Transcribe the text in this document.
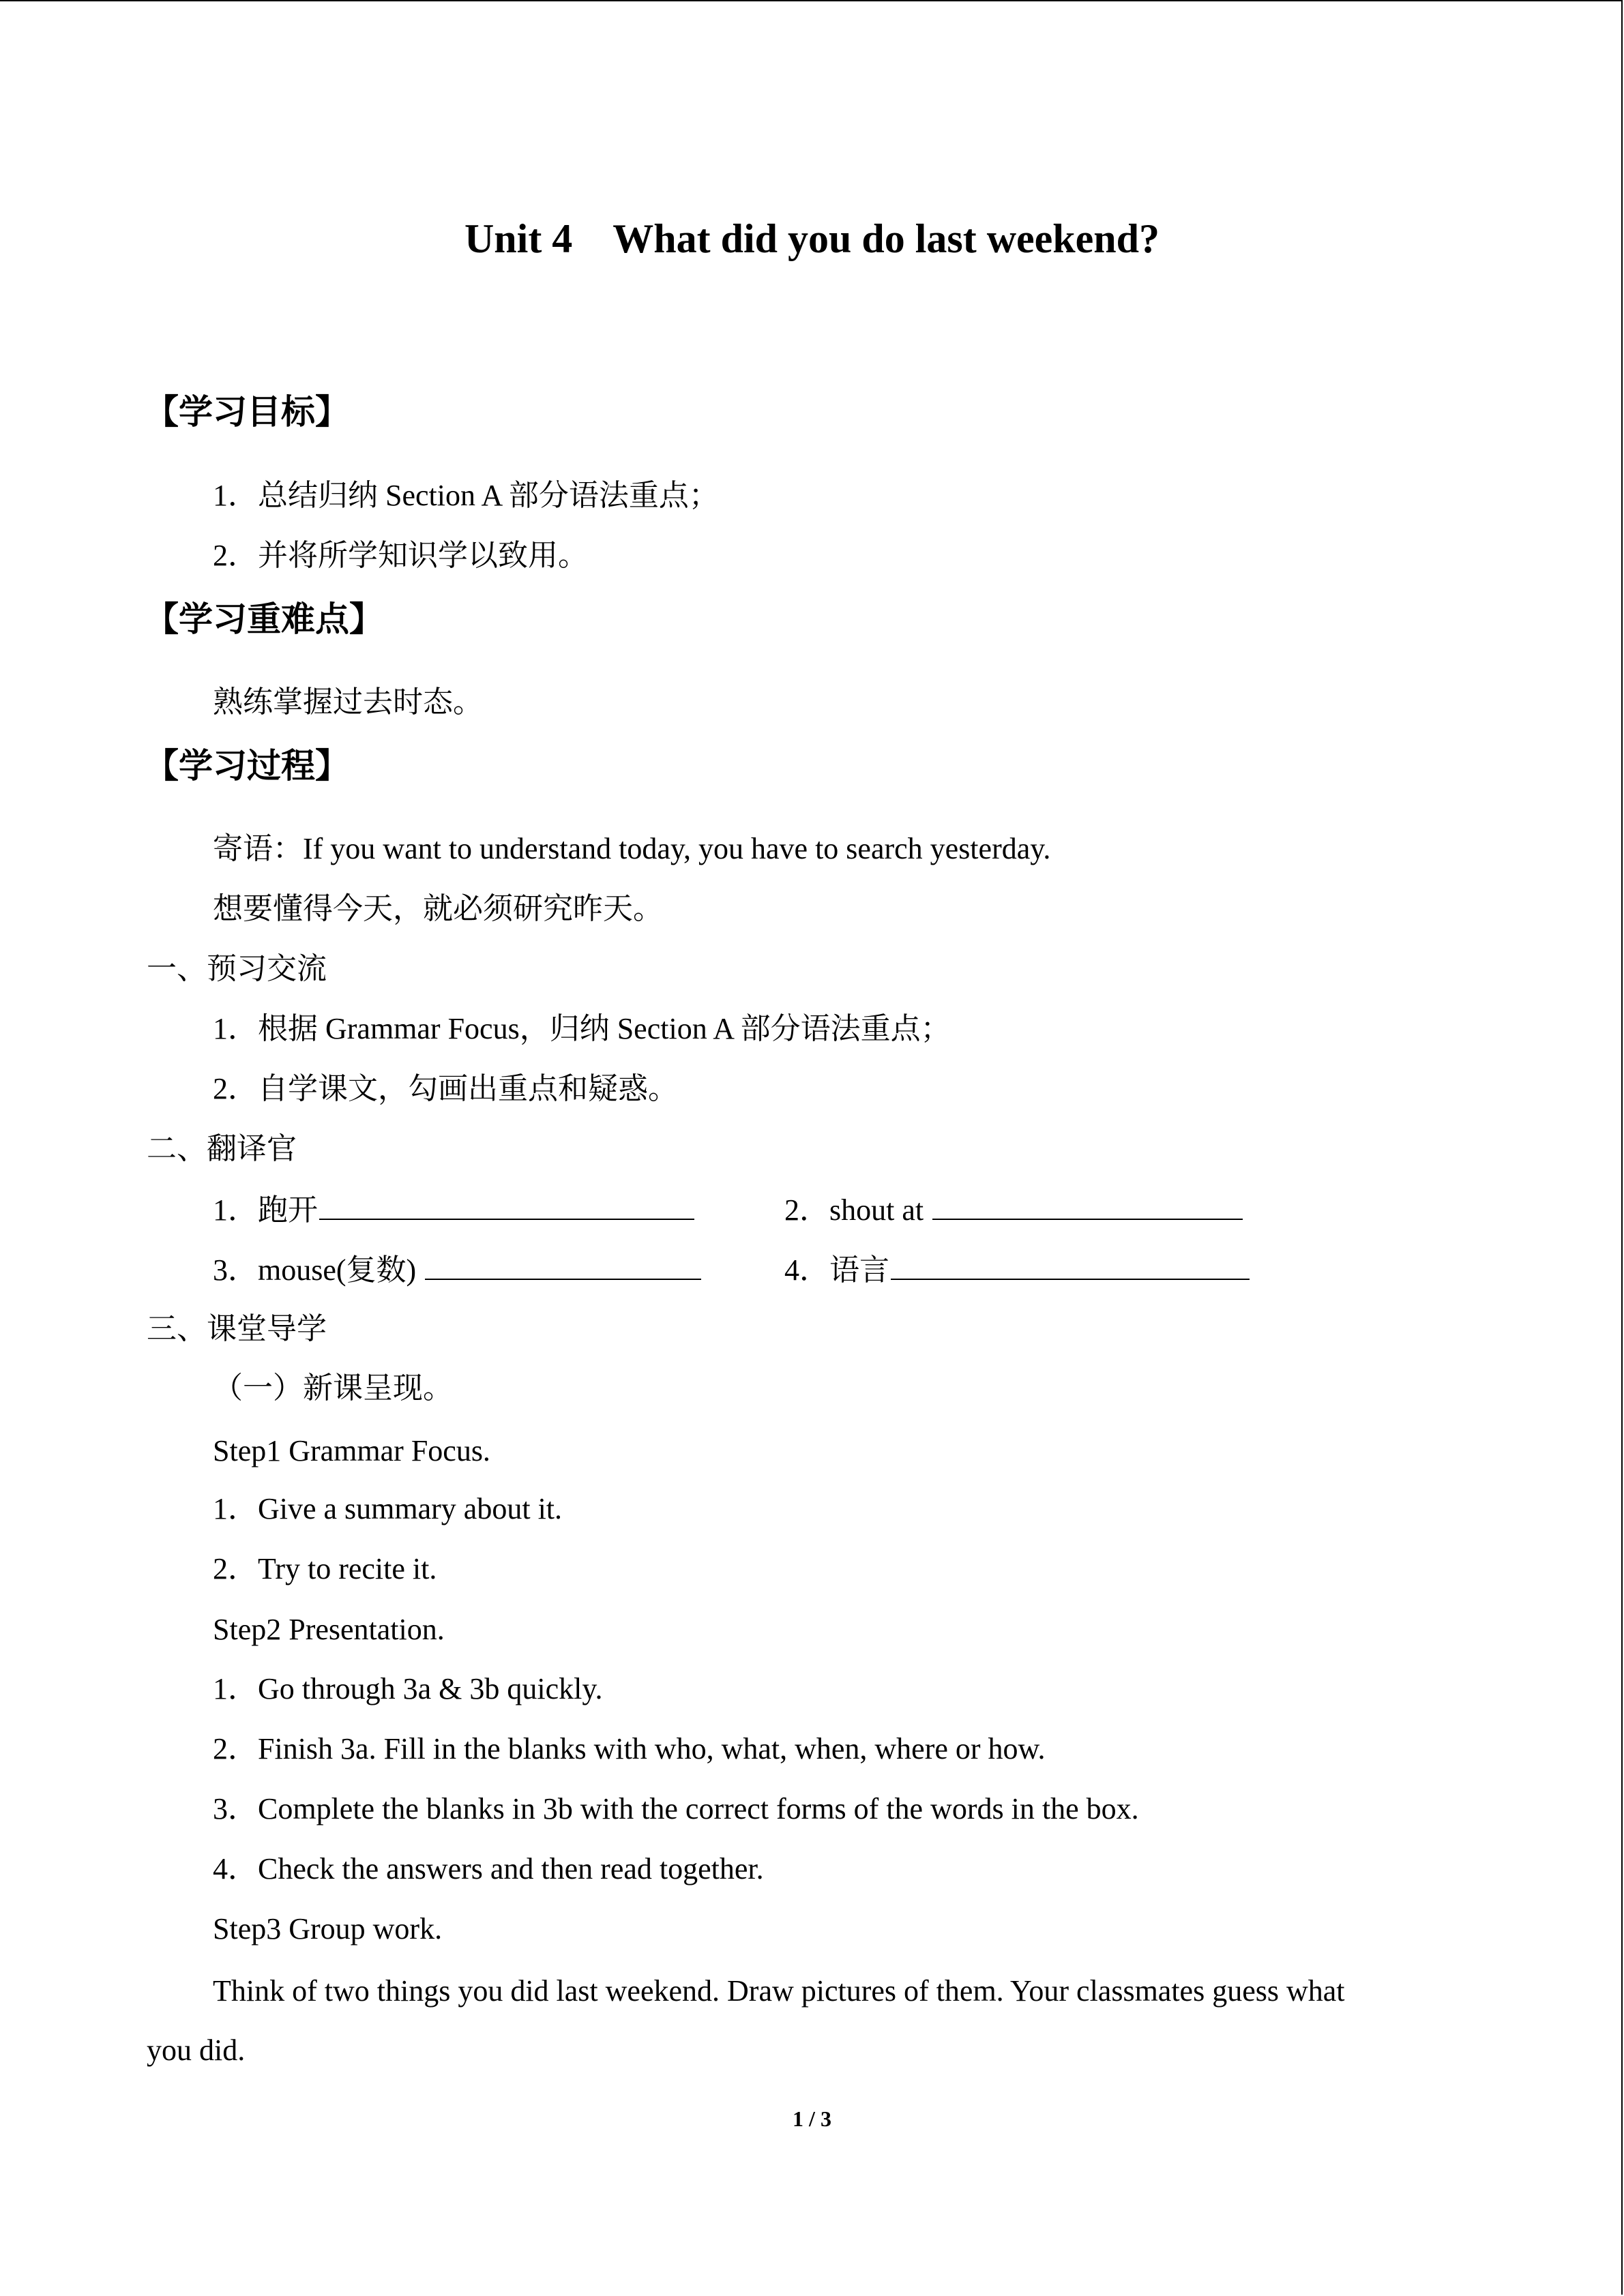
Unit 4    What did you do last weekend?
【学习目标】
1．总结归纳 Section A 部分语法重点；
2．并将所学知识学以致用。
【学习重难点】
熟练掌握过去时态。
【学习过程】
寄语：If you want to understand today, you have to search yesterday.
想要懂得今天，就必须研究昨天。
一、预习交流
1．根据 Grammar Focus，归纳 Section A 部分语法重点；
2．自学课文，勾画出重点和疑惑。
二、翻译官
1．跑开	2．shout at
3．mouse(复数)	4．语言
三、课堂导学
（一）新课呈现。
Step1 Grammar Focus.
1．Give a summary about it.
2．Try to recite it.
Step2 Presentation.
1．Go through 3a & 3b quickly.
2．Finish 3a. Fill in the blanks with who, what, when, where or how.
3．Complete the blanks in 3b with the correct forms of the words in the box.
4．Check the answers and then read together.
Step3 Group work.
Think of two things you did last weekend. Draw pictures of them. Your classmates guess what
you did.
1 / 3
